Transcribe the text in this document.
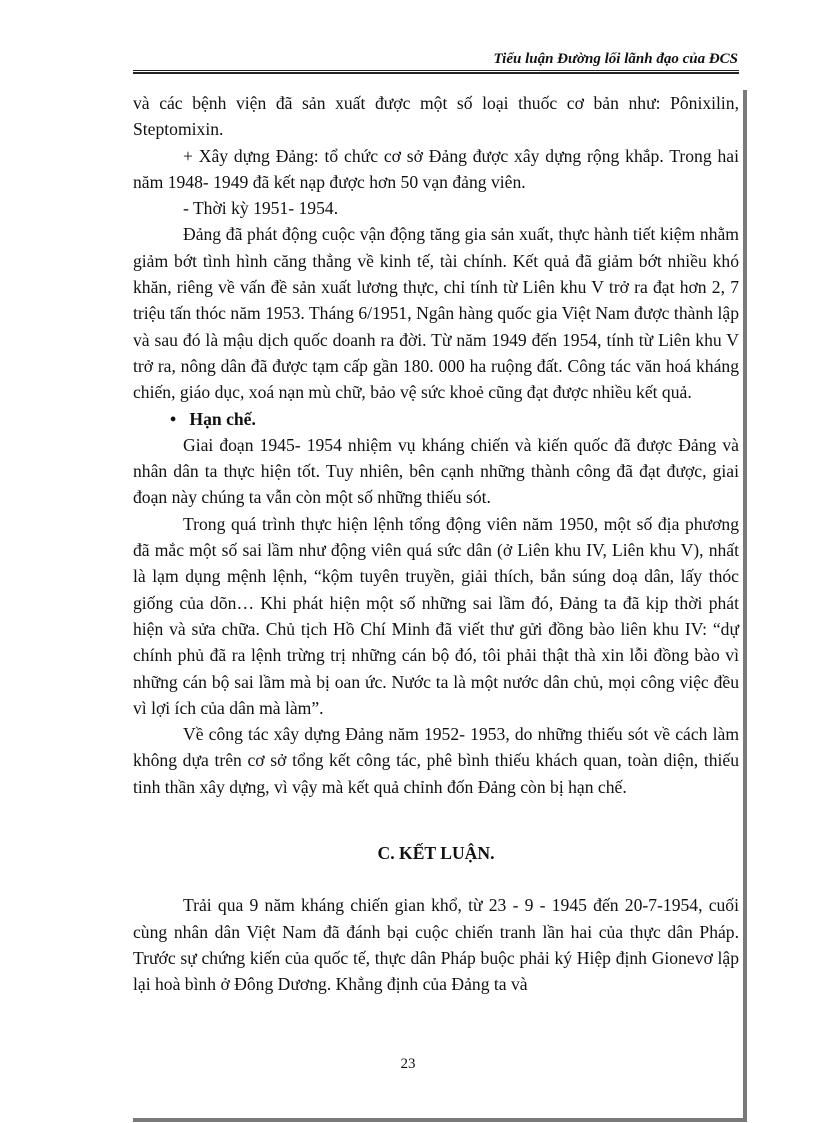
Tiểu luận Đường lối lãnh đạo của ĐCS

và các bệnh viện đã sản xuất được một số loại thuốc cơ bản như: Pônixilin, Steptomixin.

+ Xây dựng Đảng: tổ chức cơ sở Đảng được xây dựng rộng khắp. Trong hai năm 1948- 1949 đã kết nạp được hơn 50 vạn đảng viên.

- Thời kỳ 1951- 1954.

Đảng đã phát động cuộc vận động tăng gia sản xuất, thực hành tiết kiệm nhằm giảm bớt tình hình căng thẳng về kinh tế, tài chính. Kết quả đã giảm bớt nhiều khó khăn, riêng về vấn đề sản xuất lương thực, chỉ tính từ Liên khu V trở ra đạt hơn 2, 7 triệu tấn thóc năm 1953. Tháng 6/1951, Ngân hàng quốc gia Việt Nam được thành lập và sau đó là mậu dịch quốc doanh ra đời. Từ năm 1949 đến 1954, tính từ Liên khu V trở ra, nông dân đã được tạm cấp gần 180. 000 ha ruộng đất. Công tác văn hoá kháng chiến, giáo dục, xoá nạn mù chữ, bảo vệ sức khoẻ cũng đạt được nhiều kết quả.

• Hạn chế.

Giai đoạn 1945- 1954 nhiệm vụ kháng chiến và kiến quốc đã được Đảng và nhân dân ta thực hiện tốt. Tuy nhiên, bên cạnh những thành công đã đạt được, giai đoạn này chúng ta vẫn còn một số những thiếu sót.

Trong quá trình thực hiện lệnh tổng động viên năm 1950, một số địa phương đã mắc một số sai lầm như động viên quá sức dân (ở Liên khu IV, Liên khu V), nhất là lạm dụng mệnh lệnh, “kộm tuyên truyền, giải thích, bắn súng doạ dân, lấy thóc giống của dõn… Khi phát hiện một số những sai lầm đó, Đảng ta đã kịp thời phát hiện và sửa chữa. Chủ tịch Hồ Chí Minh đã viết thư gửi đồng bào liên khu IV: “dự chính phủ đã ra lệnh trừng trị những cán bộ đó, tôi phải thật thà xin lỗi đồng bào vì những cán bộ sai lầm mà bị oan ức. Nước ta là một nước dân chủ, mọi công việc đều vì lợi ích của dân mà làm”.

Về công tác xây dựng Đảng năm 1952- 1953, do những thiếu sót về cách làm không dựa trên cơ sở tổng kết công tác, phê bình thiếu khách quan, toàn diện, thiếu tinh thần xây dựng, vì vậy mà kết quả chỉnh đốn Đảng còn bị hạn chế.

C. KẾT LUẬN.

Trải qua 9 năm kháng chiến gian khổ, từ 23 - 9 - 1945 đến 20-7-1954, cuối cùng nhân dân Việt Nam đã đánh bại cuộc chiến tranh lần hai của thực dân Pháp. Trước sự chứng kiến của quốc tế, thực dân Pháp buộc phải ký Hiệp định Gionevơ lập lại hoà bình ở Đông Dương. Khẳng định của Đảng ta và

23
